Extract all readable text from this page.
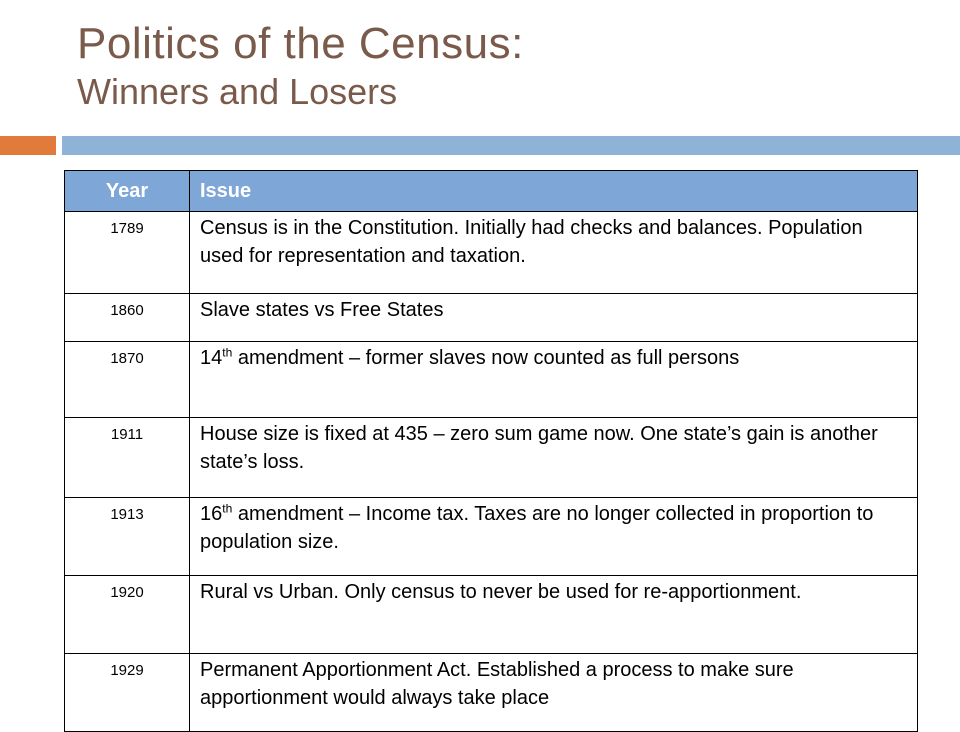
Politics of the Census:
Winners and Losers
Year	Issue
1789	Census is in the Constitution. Initially had checks and balances. Population used for representation and taxation.
1860	Slave states vs Free States
1870	14th amendment – former slaves now counted as full persons
1911	House size is fixed at 435 – zero sum game now. One state’s gain is another state’s loss.
1913	16th amendment – Income tax. Taxes are no longer collected in proportion to population size.
1920	Rural vs Urban. Only census to never be used for re-apportionment.
1929	Permanent Apportionment Act. Established a process to make sure apportionment would always take place
